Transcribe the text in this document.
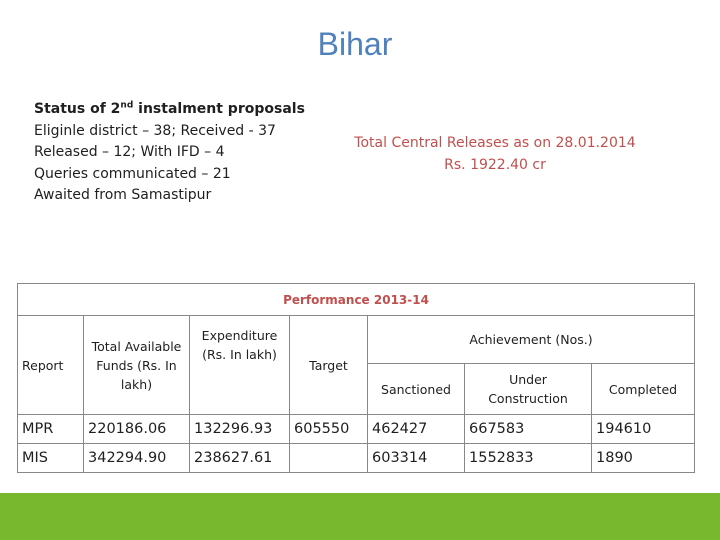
Bihar
Status of 2nd instalment proposals
Eliginle district – 38; Received - 37
Released – 12; With IFD – 4
Queries communicated – 21
Awaited from Samastipur
Total Central Releases as on 28.01.2014
Rs. 1922.40 cr
Performance 2013-14						
Report	Total Available Funds (Rs. In lakh)	Expenditure (Rs. In lakh)	Target	Achievement (Nos.)		
				Sanctioned	Under Construction	Completed
MPR	220186.06	132296.93	605550	462427	667583	194610
MIS	342294.90	238627.61		603314	1552833	1890
